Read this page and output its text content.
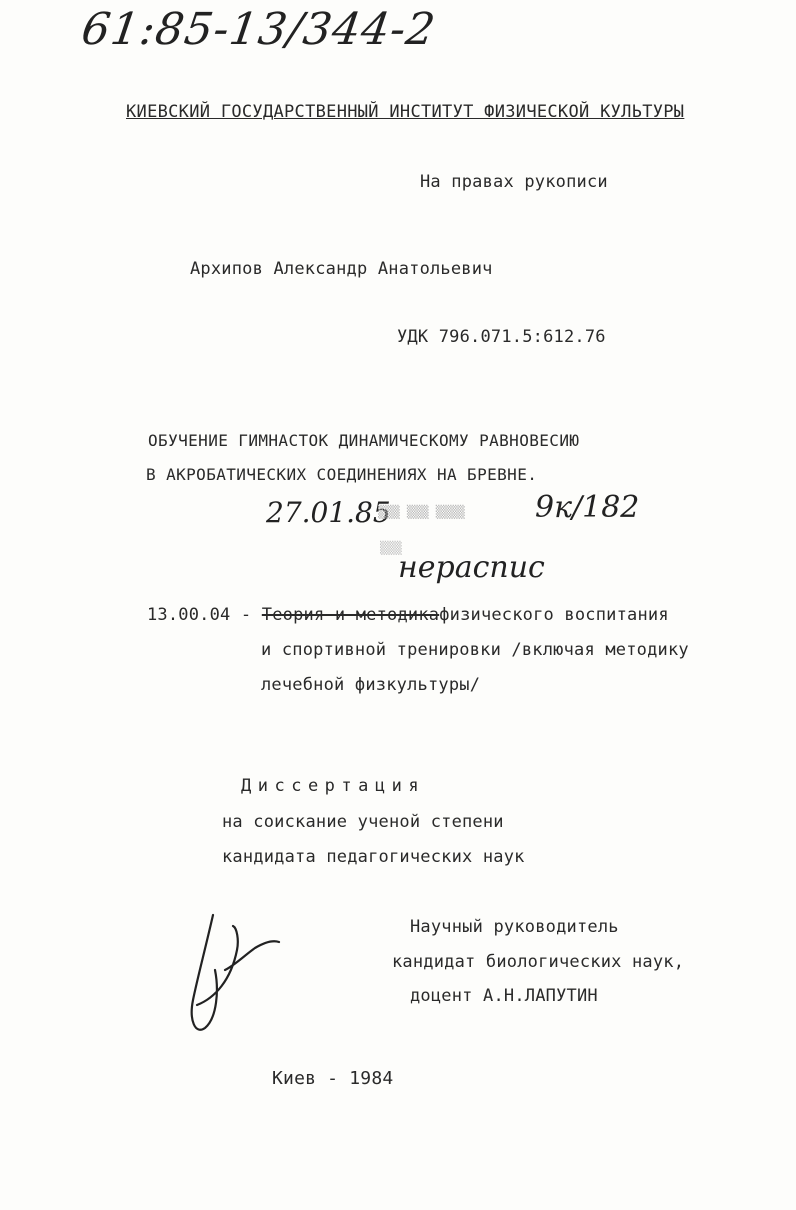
61:85-13/344-2
КИЕВСКИЙ ГОСУДАРСТВЕННЫЙ ИНСТИТУТ ФИЗИЧЕСКОЙ КУЛЬТУРЫ
На правах рукописи
Архипов Александр Анатольевич
УДК 796.071.5:612.76
ОБУЧЕНИЕ ГИМНАСТОК ДИНАМИЧЕСКОМУ РАВНОВЕСИЮ
В АКРОБАТИЧЕСКИХ СОЕДИНЕНИЯХ НА БРЕВНЕ.
27.01.85	9к/182
▒▒▒ ▒▒▒ ▒▒▒▒
▒▒▒
нераспис
13.00.04 - Теория и методикафизического воспитания
и спортивной тренировки /включая методику
лечебной физкультуры/
Диссертация
на соискание ученой степени
кандидата педагогических наук
Научный руководитель
кандидат биологических наук,
доцент А.Н.ЛАПУТИН
Киев - 1984
